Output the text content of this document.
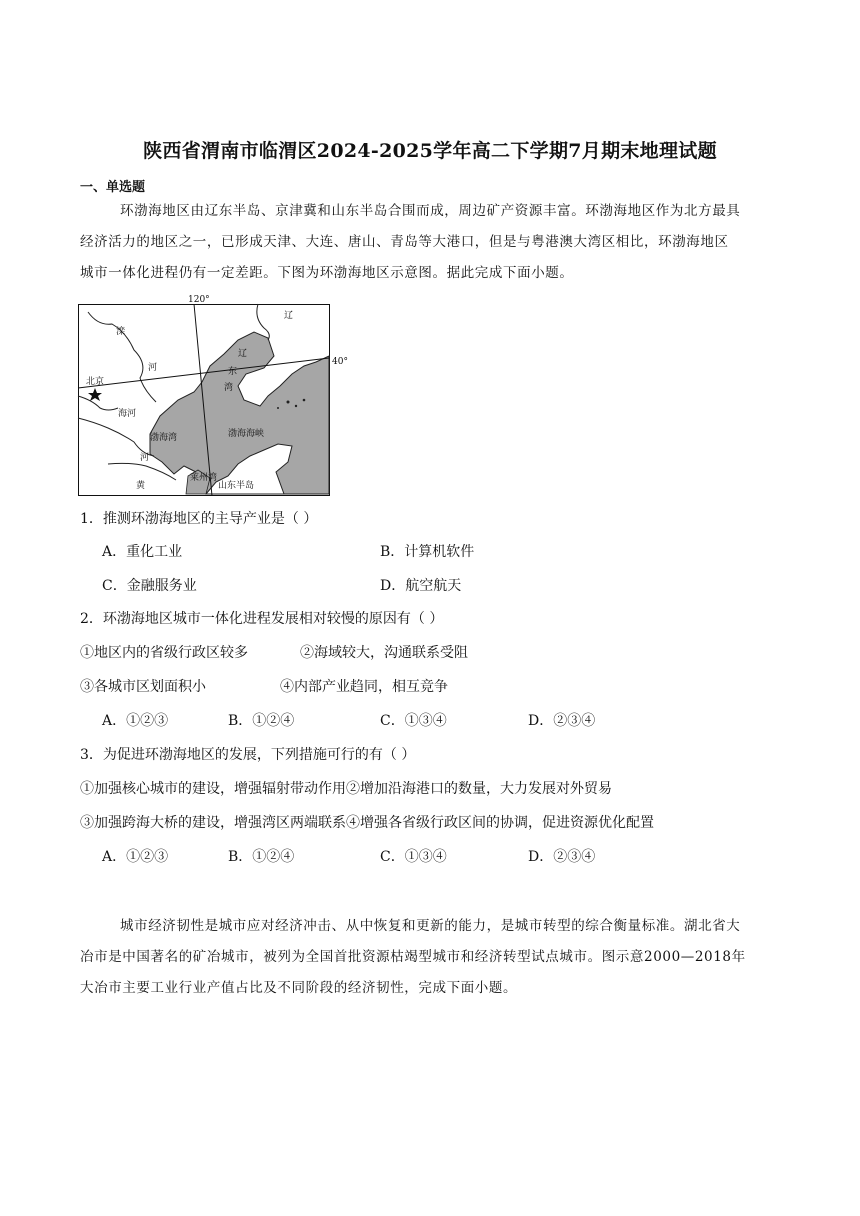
陕西省渭南市临渭区2024-2025学年高二下学期7月期末地理试题
一、单选题
环渤海地区由辽东半岛、京津冀和山东半岛合围而成，周边矿产资源丰富。环渤海地区作为北方最具
经济活力的地区之一，已形成天津、大连、唐山、青岛等大港口，但是与粤港澳大湾区相比，环渤海地区
城市一体化进程仍有一定差距。下图为环渤海地区示意图。据此完成下面小题。
120°
40°
辽
滦
河
辽
东
湾
北京
海河
渤海湾	渤海海峡
莱州湾
河
黄	山东半岛
1．推测环渤海地区的主导产业是（ ）
A．重化工业	B．计算机软件
C．金融服务业	D．航空航天
2．环渤海地区城市一体化进程发展相对较慢的原因有（ ）
①地区内的省级行政区较多	②海域较大，沟通联系受阻
③各城市区划面积小	④内部产业趋同，相互竞争
A．①②③	B．①②④	C．①③④	D．②③④
3．为促进环渤海地区的发展，下列措施可行的有（ ）
①加强核心城市的建设，增强辐射带动作用②增加沿海港口的数量，大力发展对外贸易
③加强跨海大桥的建设，增强湾区两端联系④增强各省级行政区间的协调，促进资源优化配置
A．①②③	B．①②④	C．①③④	D．②③④
城市经济韧性是城市应对经济冲击、从中恢复和更新的能力，是城市转型的综合衡量标准。湖北省大
冶市是中国著名的矿冶城市，被列为全国首批资源枯竭型城市和经济转型试点城市。图示意2000—2018年
大冶市主要工业行业产值占比及不同阶段的经济韧性，完成下面小题。
